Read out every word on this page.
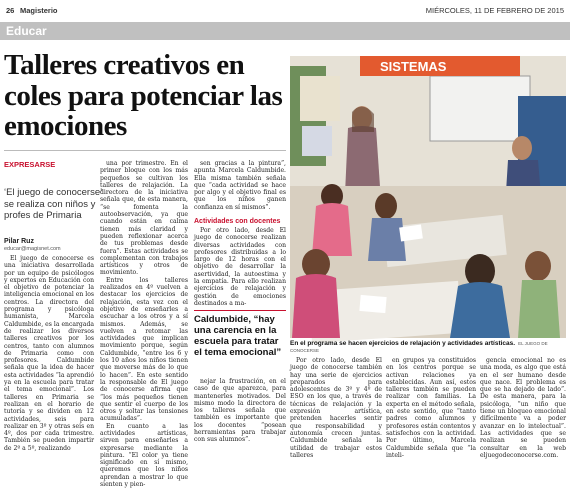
26 Magisterio	MIÉRCOLES, 11 DE FEBRERO DE 2015
Educar
Talleres creativos en coles para potenciar las emociones
EXPRESARSE
‘El juego de conocerse’ se realiza con niños y profes de Primaria
Pilar Ruz
educar@magisnet.com

El juego de conocerse es una iniciativa desarrollada por un equipo de psicólogos y expertos en Educación con el objetivo de potenciar la inteligencia emocional en los centros. La directora del programa y psicóloga humanista, Marcela Caldumbide, es la encargada de realizar los diversos talleres creativos por los centros, tanto con alumnos de Primaria como con profesores. Caldumbide señala que la idea de hacer esta actividades “la aprendió ya en la escuela para tratar el tema emocional”. Los talleres en Primaria se realizan en el horario de tutoría y se dividen en 12 actividades, seis para realizar en 3º y otras seis en 4º, dos por cada trimestre. También se pueden impartir de 2º a 5º, realizando

una por trimestre. En el primer bloque con los más pequeños se cultivan los talleres de relajación. La directora de la iniciativa señala que, de esta manera, “se fomenta la autoobservación, ya que cuando están en calma tienen más claridad y pueden reflexionar acerca de tus problemas desde fuera”. Estas actividades se complementan con trabajos artísticos y otros de movimiento.

Entre los talleres realizados en 4º vuelven a destacar los ejercicios de relajación, esta vez con el objetivo de enseñarles a escuchar a los otros y a sí mismos. Además, se vuelven a retomar las actividades que implican movimiento porque, según Caldumbide, “entre los 6 y los 10 años los niños tienen que moverse más de lo que lo hacen”. En este sentido la responsable de El juego de conocerse afirma que “los más pequeños tienen que sentir el cuerpo de los otros y soltar las tensiones acumuladas”.

En cuanto a las actividades artísticas, sirven para enseñarles a expresarse mediante la pintura. “El color ya tiene significado en sí mismo, queremos que los niños aprendan a mostrar lo que sienten y pien-

sen gracias a la pintura”, apunta Marcela Caldumbide. Ella misma también señala que “cada actividad se hace por algo y el objetivo final es que los niños ganen confianza en sí mismos”.

Actividades con docentes

Por otro lado, desde El juego de conocerse realizan diversas actividades con profesores distribuidas a lo largo de 12 horas con el objetivo de desarrollar la asertividad, la autoestima y la empatía. Para ello realizan ejercicios de relajación y gestión de emociones destinados a ma-

Caldumbide, “hay una carencia en la escuela para tratar el tema emocional”

nejar la frustración, en el caso de que aparezca, para mantenerles motivados. Del mismo modo la directora de los talleres señala que también es importante que los docentes “posean herramientas para trabajar con sus alumnos”.

SISTEMAS
En el programa se hacen ejercicios de relajación y actividades artísticas. EL JUEGO DE CONOCERSE

Por otro lado, desde El juego de conocerse también hay una serie de ejercicios preparados para adolescentes de 3º y 4º de ESO en los que, a través de técnicas de relajación y la expresión artística, pretenden hacerles sentir que responsabilidad y autonomía crecen juntas. Caldumbide señala la utilidad de trabajar estos talleres

en grupos ya constituidos en los centros porque se activan relaciones ya establecidas. Aun así, estos talleres también se pueden realizar con familias. La experta en el método señala, en este sentido, que “tanto padres como alumnos y profesores están contentos y satisfechos con la actividad. Por último, Marcela Caldumbide señala que “la inteli-

gencia emocional no es una moda, es algo que está en el ser humano desde que nace. El problema es que se ha dejado de lado”. De esta manera, para la psicóloga, “un niño que tiene un bloqueo emocional difícilmente va a poder avanzar en lo intelectual”. Las actividades que se realizan se pueden consultar en la web eljuegodeconocerse.com.
